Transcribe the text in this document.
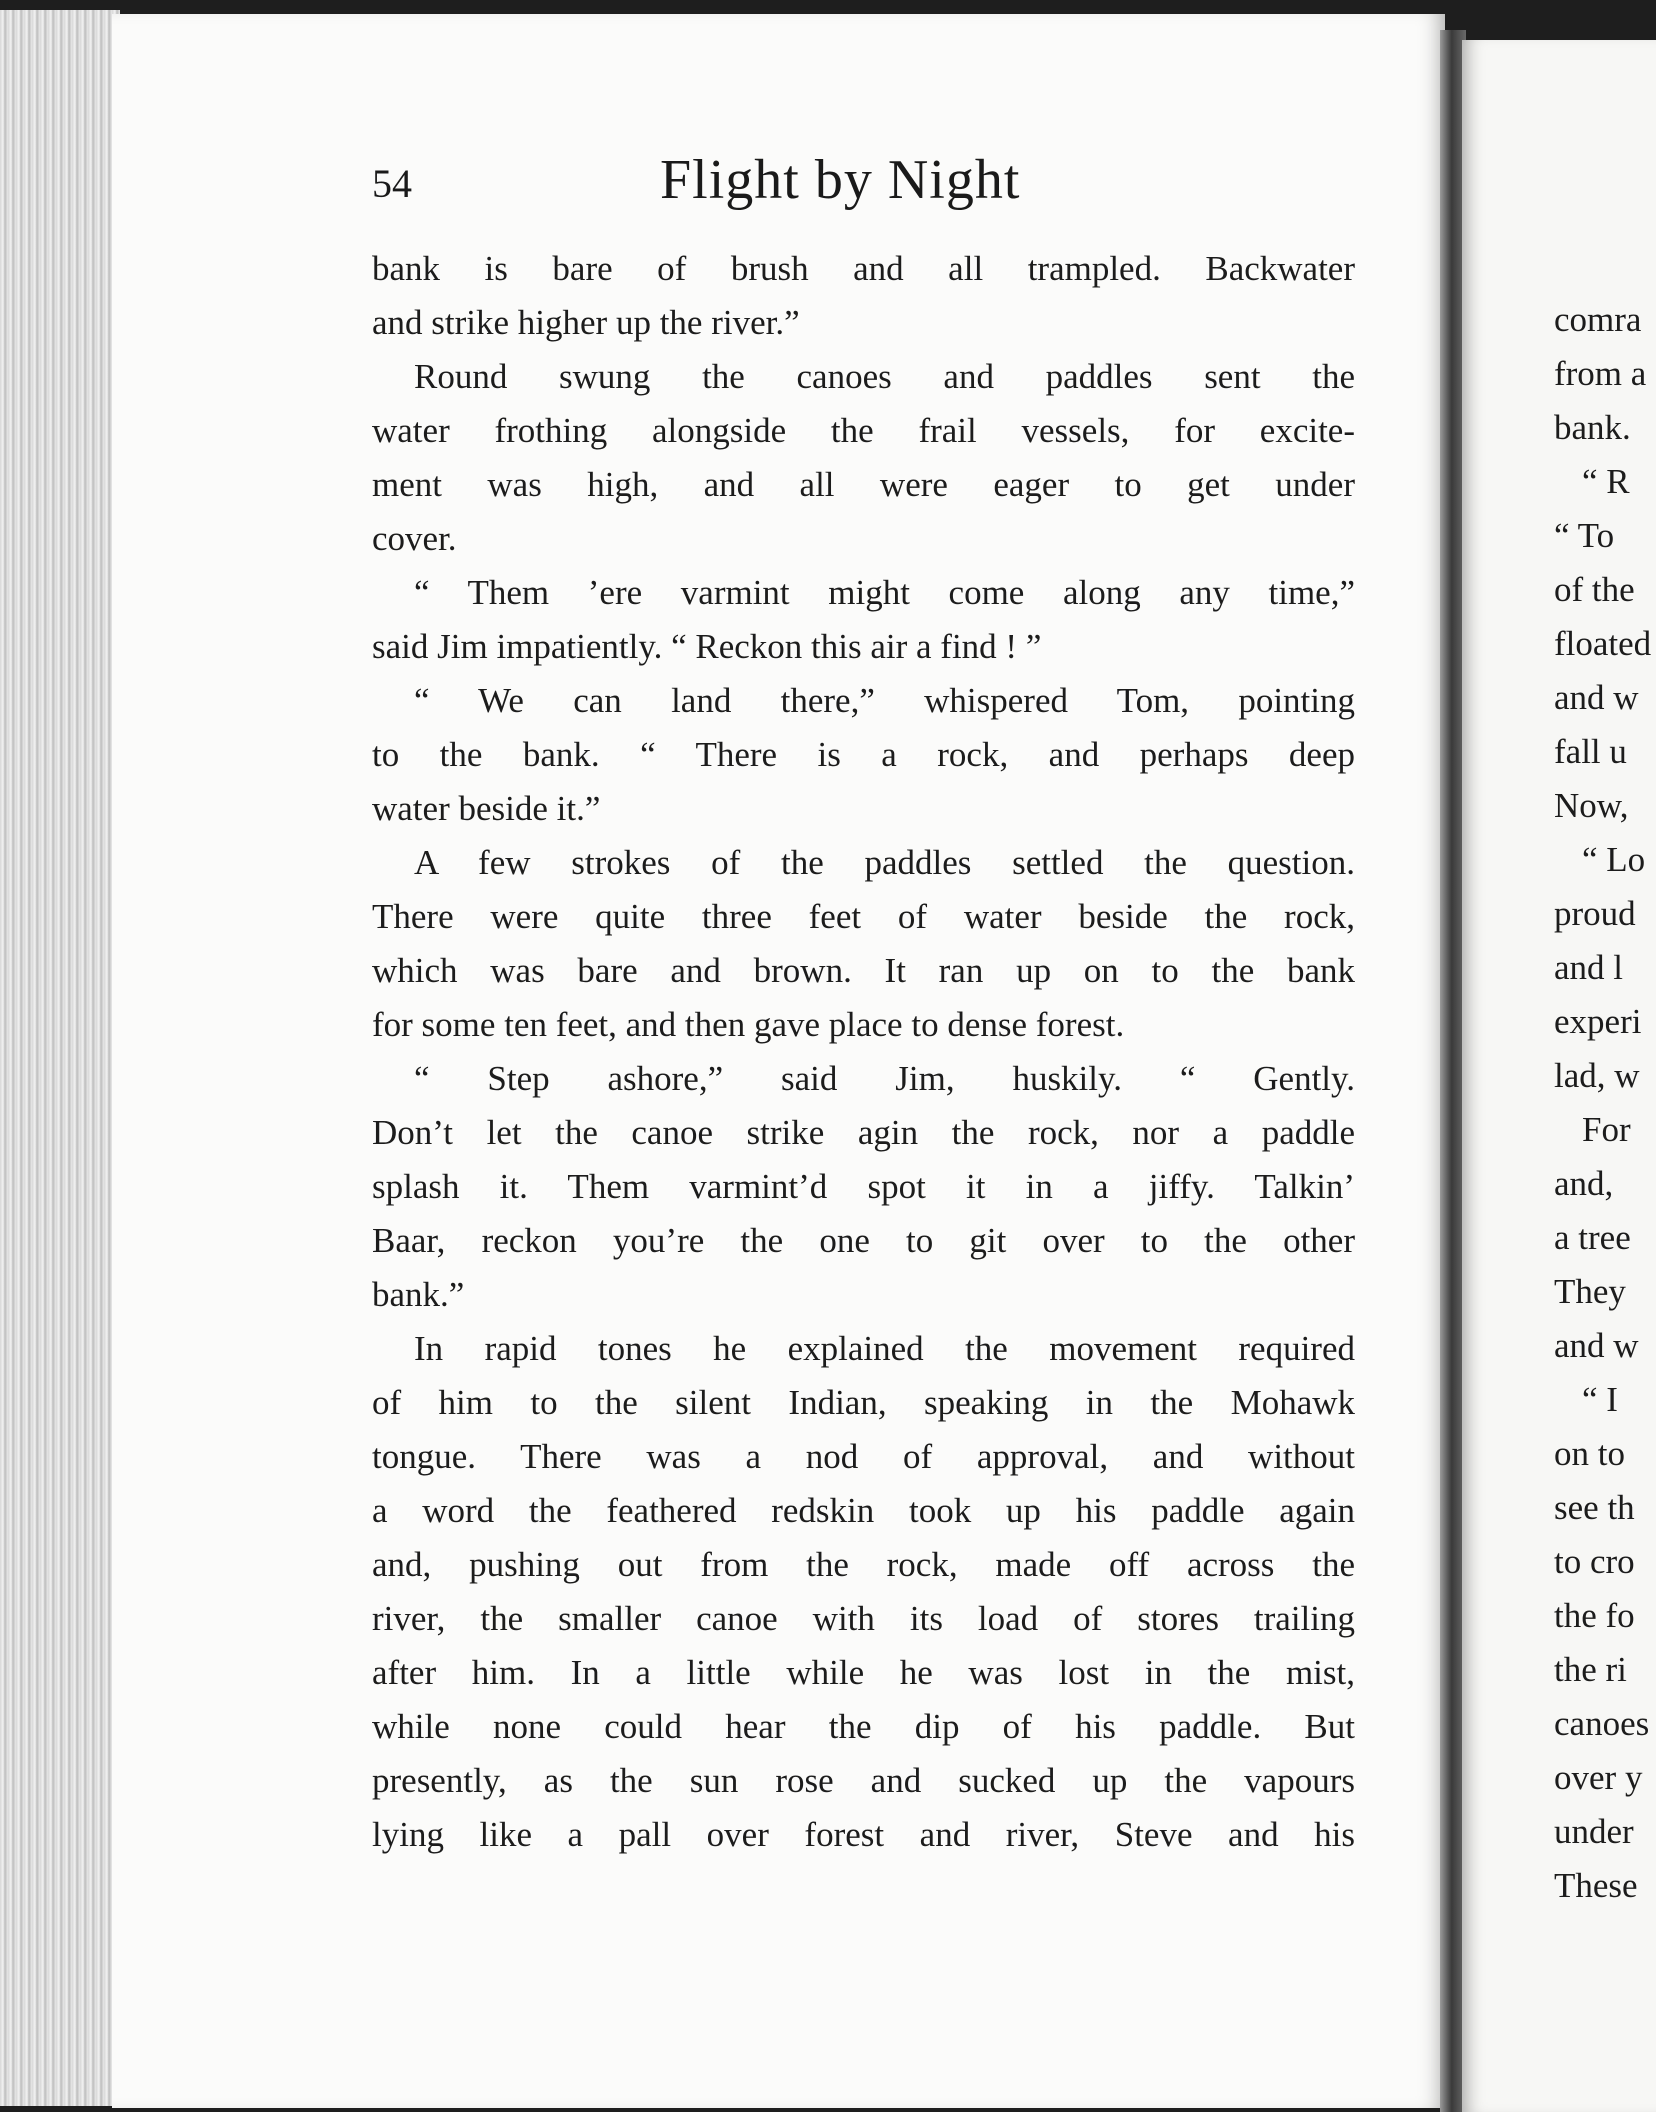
comra
from a
bank.
“ R
“ To
of the
floated
and w
fall u
Now,
“ Lo
proud
and l
experi
lad, w
For
and,
a tree
They
and w
“ I
on to
see th
to cro
the fo
the ri
canoes
over y
under
These
54	Flight by Night
bank is bare of brush and all trampled. Backwater
and strike higher up the river.”
Round swung the canoes and paddles sent the
water frothing alongside the frail vessels, for excite-
ment was high, and all were eager to get under
cover.
“ Them ’ere varmint might come along any time,”
said Jim impatiently. “ Reckon this air a find ! ”
“ We can land there,” whispered Tom, pointing
to the bank. “ There is a rock, and perhaps deep
water beside it.”
A few strokes of the paddles settled the question.
There were quite three feet of water beside the rock,
which was bare and brown. It ran up on to the bank
for some ten feet, and then gave place to dense forest.
“ Step ashore,” said Jim, huskily. “ Gently.
Don’t let the canoe strike agin the rock, nor a paddle
splash it. Them varmint’d spot it in a jiffy. Talkin’
Baar, reckon you’re the one to git over to the other
bank.”
In rapid tones he explained the movement required
of him to the silent Indian, speaking in the Mohawk
tongue. There was a nod of approval, and without
a word the feathered redskin took up his paddle again
and, pushing out from the rock, made off across the
river, the smaller canoe with its load of stores trailing
after him. In a little while he was lost in the mist,
while none could hear the dip of his paddle. But
presently, as the sun rose and sucked up the vapours
lying like a pall over forest and river, Steve and his
